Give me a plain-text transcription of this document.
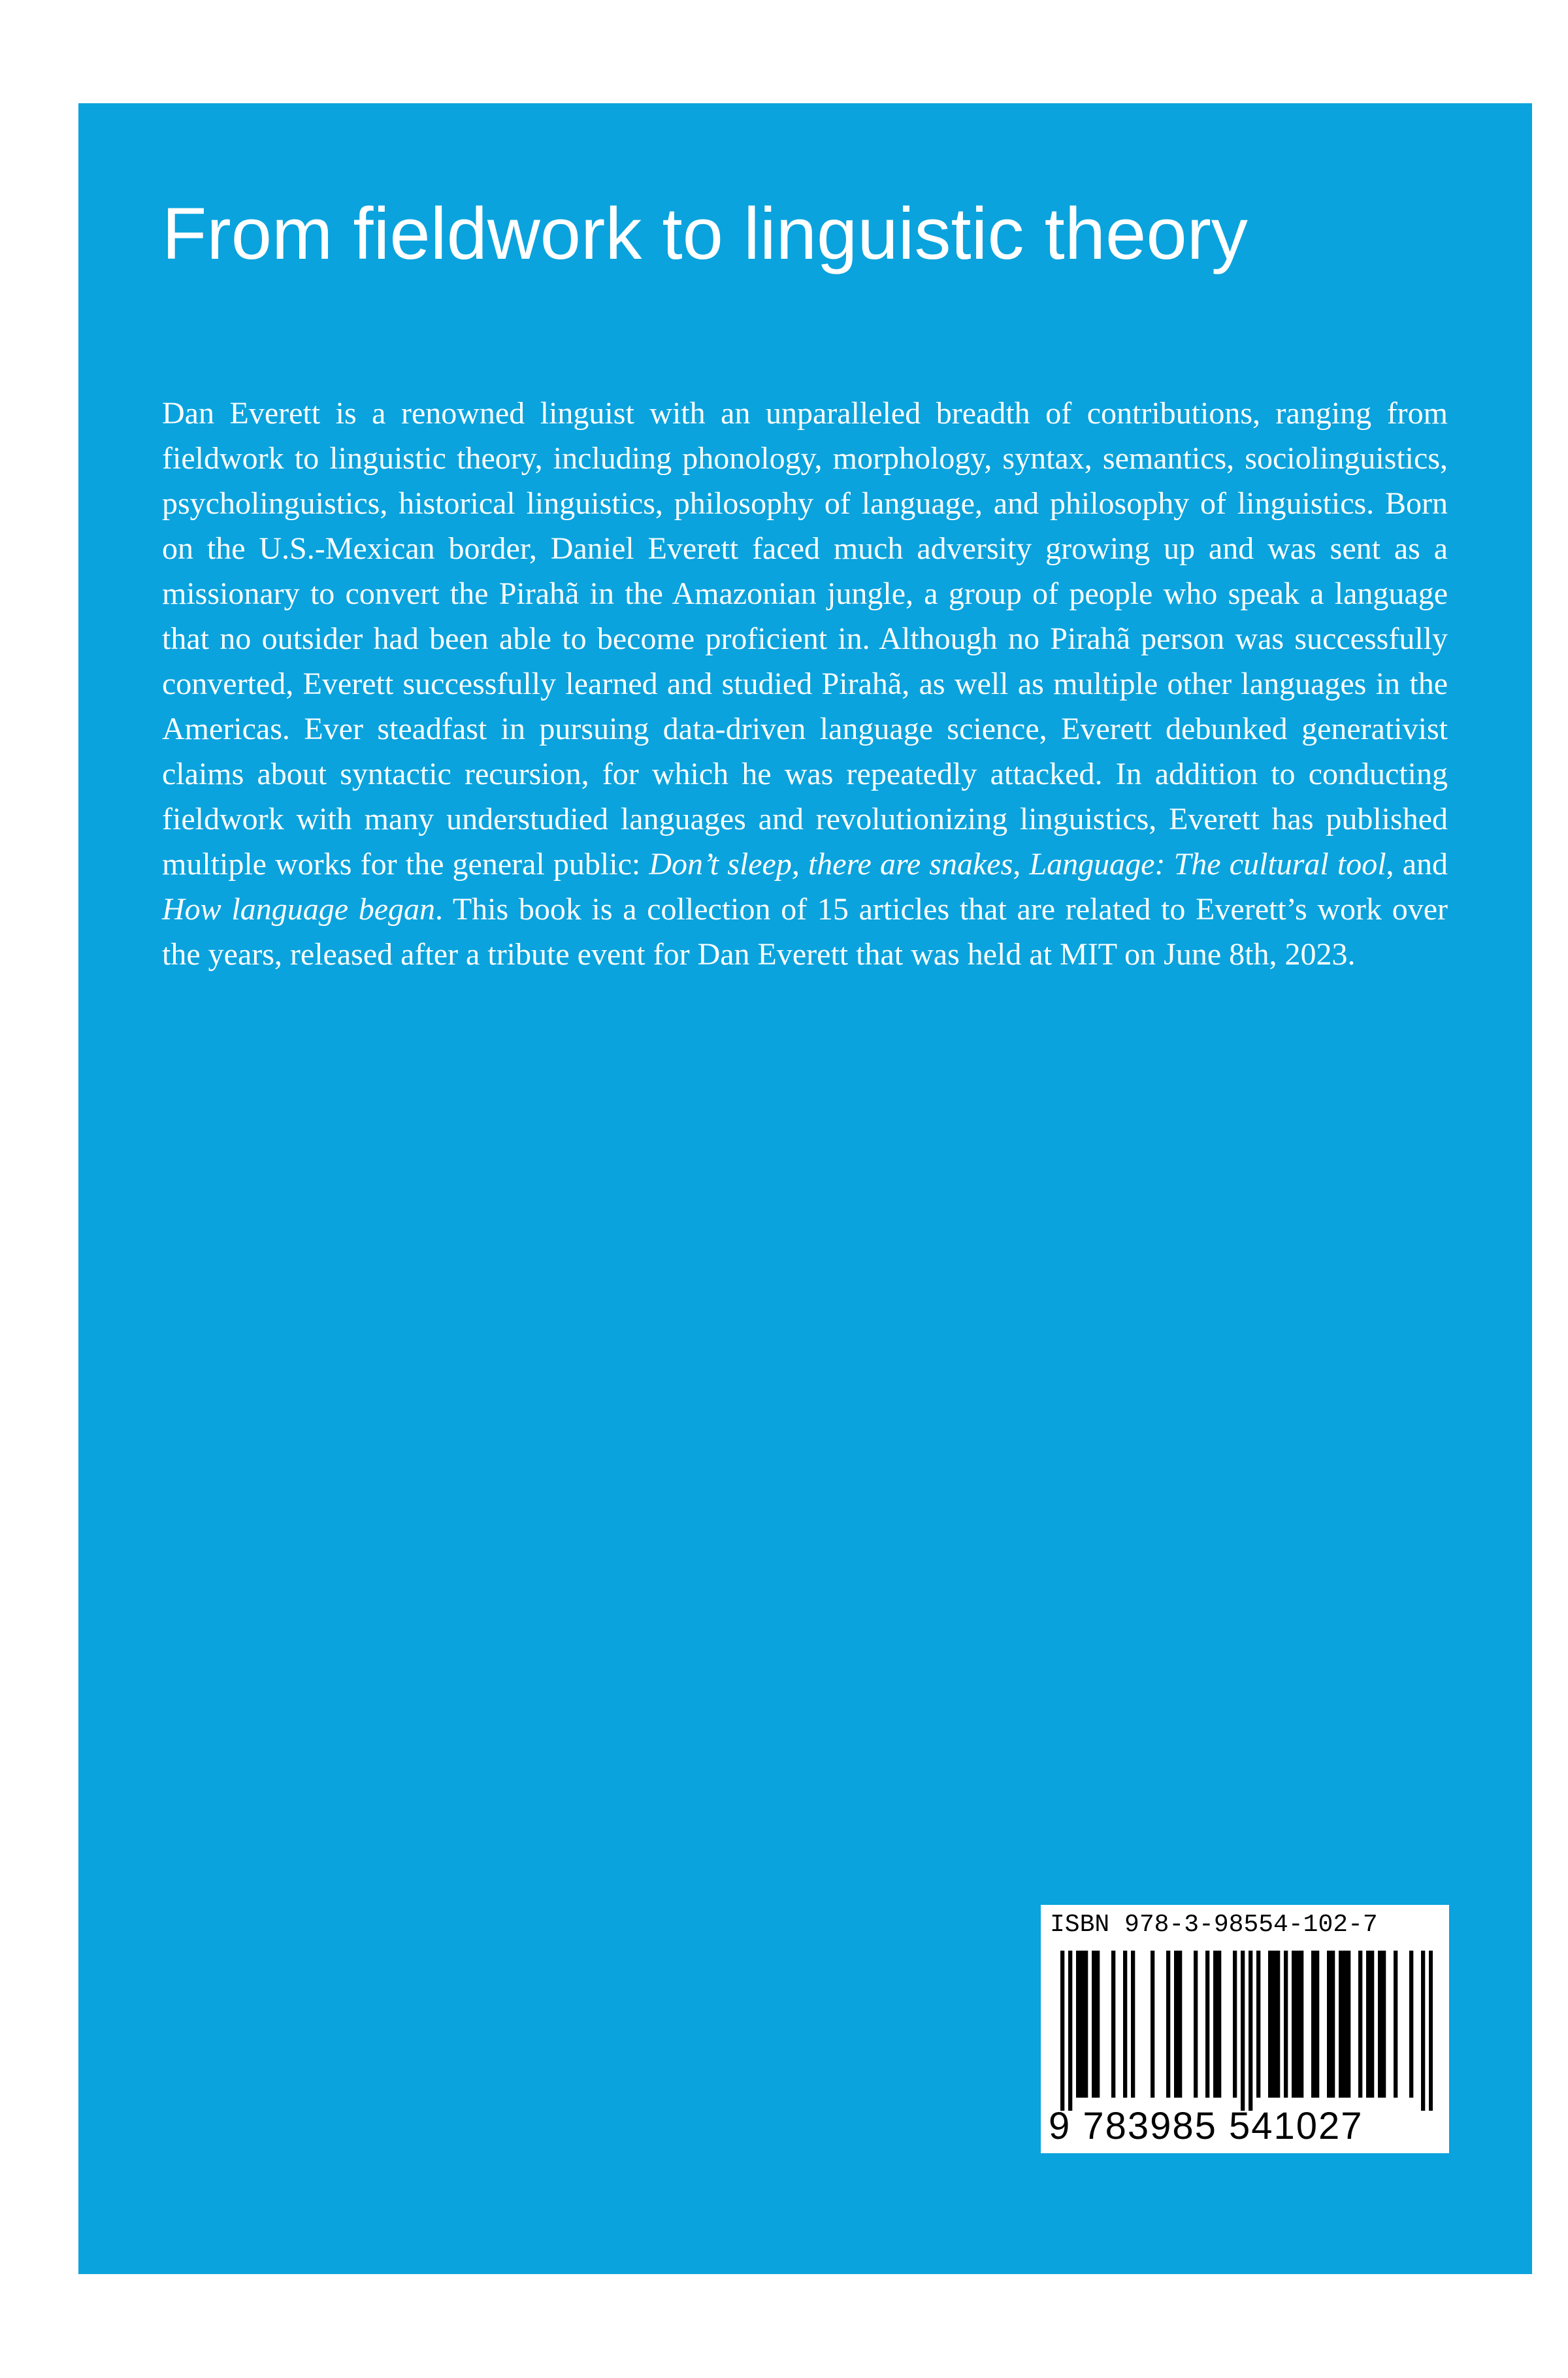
From fieldwork to linguistic theory

Dan Everett is a renowned linguist with an unparalleled breadth of contributions, ranging from fieldwork to linguistic theory, including phonology, morphology, syntax, semantics, sociolinguistics, psycholinguistics, historical linguistics, philosophy of language, and philosophy of linguistics. Born on the U.S.-Mexican border, Daniel Everett faced much adversity growing up and was sent as a missionary to convert the Pirahã in the Amazonian jungle, a group of people who speak a language that no outsider had been able to become proficient in. Although no Pirahã person was successfully converted, Everett successfully learned and studied Pirahã, as well as multiple other languages in the Americas. Ever steadfast in pursuing data-driven language science, Everett debunked generativist claims about syntactic recursion, for which he was repeatedly attacked. In addition to conducting fieldwork with many understudied languages and revolutionizing linguistics, Everett has published multiple works for the general public: Don’t sleep, there are snakes, Language: The cultural tool, and How language began. This book is a collection of 15 articles that are related to Everett’s work over the years, released after a tribute event for Dan Everett that was held at MIT on June 8th, 2023.

ISBN 978-3-98554-102-7
9 783985 541027
